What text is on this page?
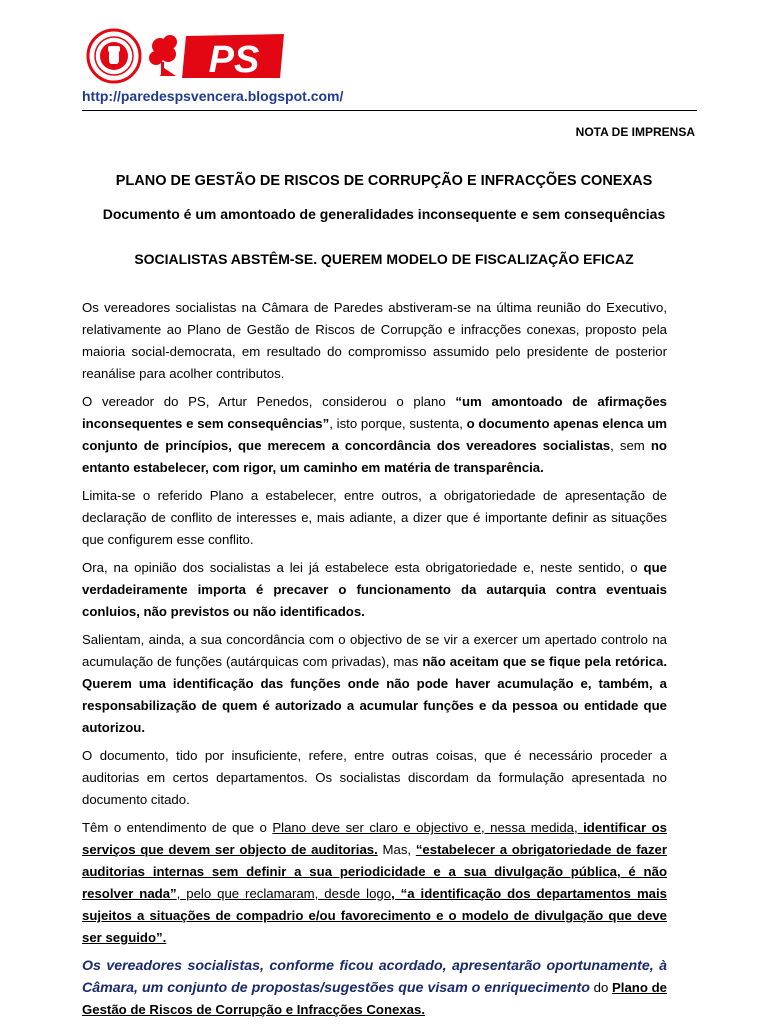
PS
http://paredespsvencera.blogspot.com/
NOTA DE IMPRENSA
PLANO DE GESTÃO DE RISCOS DE CORRUPÇÃO E INFRACÇÕES CONEXAS
Documento é um amontoado de generalidades inconsequente e sem consequências
SOCIALISTAS ABSTÊM-SE. QUEREM MODELO DE FISCALIZAÇÃO EFICAZ

Os vereadores socialistas na Câmara de Paredes abstiveram-se na última reunião do Executivo, relativamente ao Plano de Gestão de Riscos de Corrupção e infracções conexas, proposto pela maioria social-democrata, em resultado do compromisso assumido pelo presidente de posterior reanálise para acolher contributos.

O vereador do PS, Artur Penedos, considerou o plano “um amontoado de afirmações inconsequentes e sem consequências”, isto porque, sustenta, o documento apenas elenca um conjunto de princípios, que merecem a concordância dos vereadores socialistas, sem no entanto estabelecer, com rigor, um caminho em matéria de transparência.

Limita-se o referido Plano a estabelecer, entre outros, a obrigatoriedade de apresentação de declaração de conflito de interesses e, mais adiante, a dizer que é importante definir as situações que configurem esse conflito.

Ora, na opinião dos socialistas a lei já estabelece esta obrigatoriedade e, neste sentido, o que verdadeiramente importa é precaver o funcionamento da autarquia contra eventuais conluios, não previstos ou não identificados.

Salientam, ainda, a sua concordância com o objectivo de se vir a exercer um apertado controlo na acumulação de funções (autárquicas com privadas), mas não aceitam que se fique pela retórica. Querem uma identificação das funções onde não pode haver acumulação e, também, a responsabilização de quem é autorizado a acumular funções e da pessoa ou entidade que autorizou.

O documento, tido por insuficiente, refere, entre outras coisas, que é necessário proceder a auditorias em certos departamentos. Os socialistas discordam da formulação apresentada no documento citado.

Têm o entendimento de que o Plano deve ser claro e objectivo e, nessa medida, identificar os serviços que devem ser objecto de auditorias. Mas, “estabelecer a obrigatoriedade de fazer auditorias internas sem definir a sua periodicidade e a sua divulgação pública, é não resolver nada”, pelo que reclamaram, desde logo, “a identificação dos departamentos mais sujeitos a situações de compadrio e/ou favorecimento e o modelo de divulgação que deve ser seguido”.

Os vereadores socialistas, conforme ficou acordado, apresentarão oportunamente, à Câmara, um conjunto de propostas/sugestões que visam o enriquecimento do Plano de Gestão de Riscos de Corrupção e Infracções Conexas.
